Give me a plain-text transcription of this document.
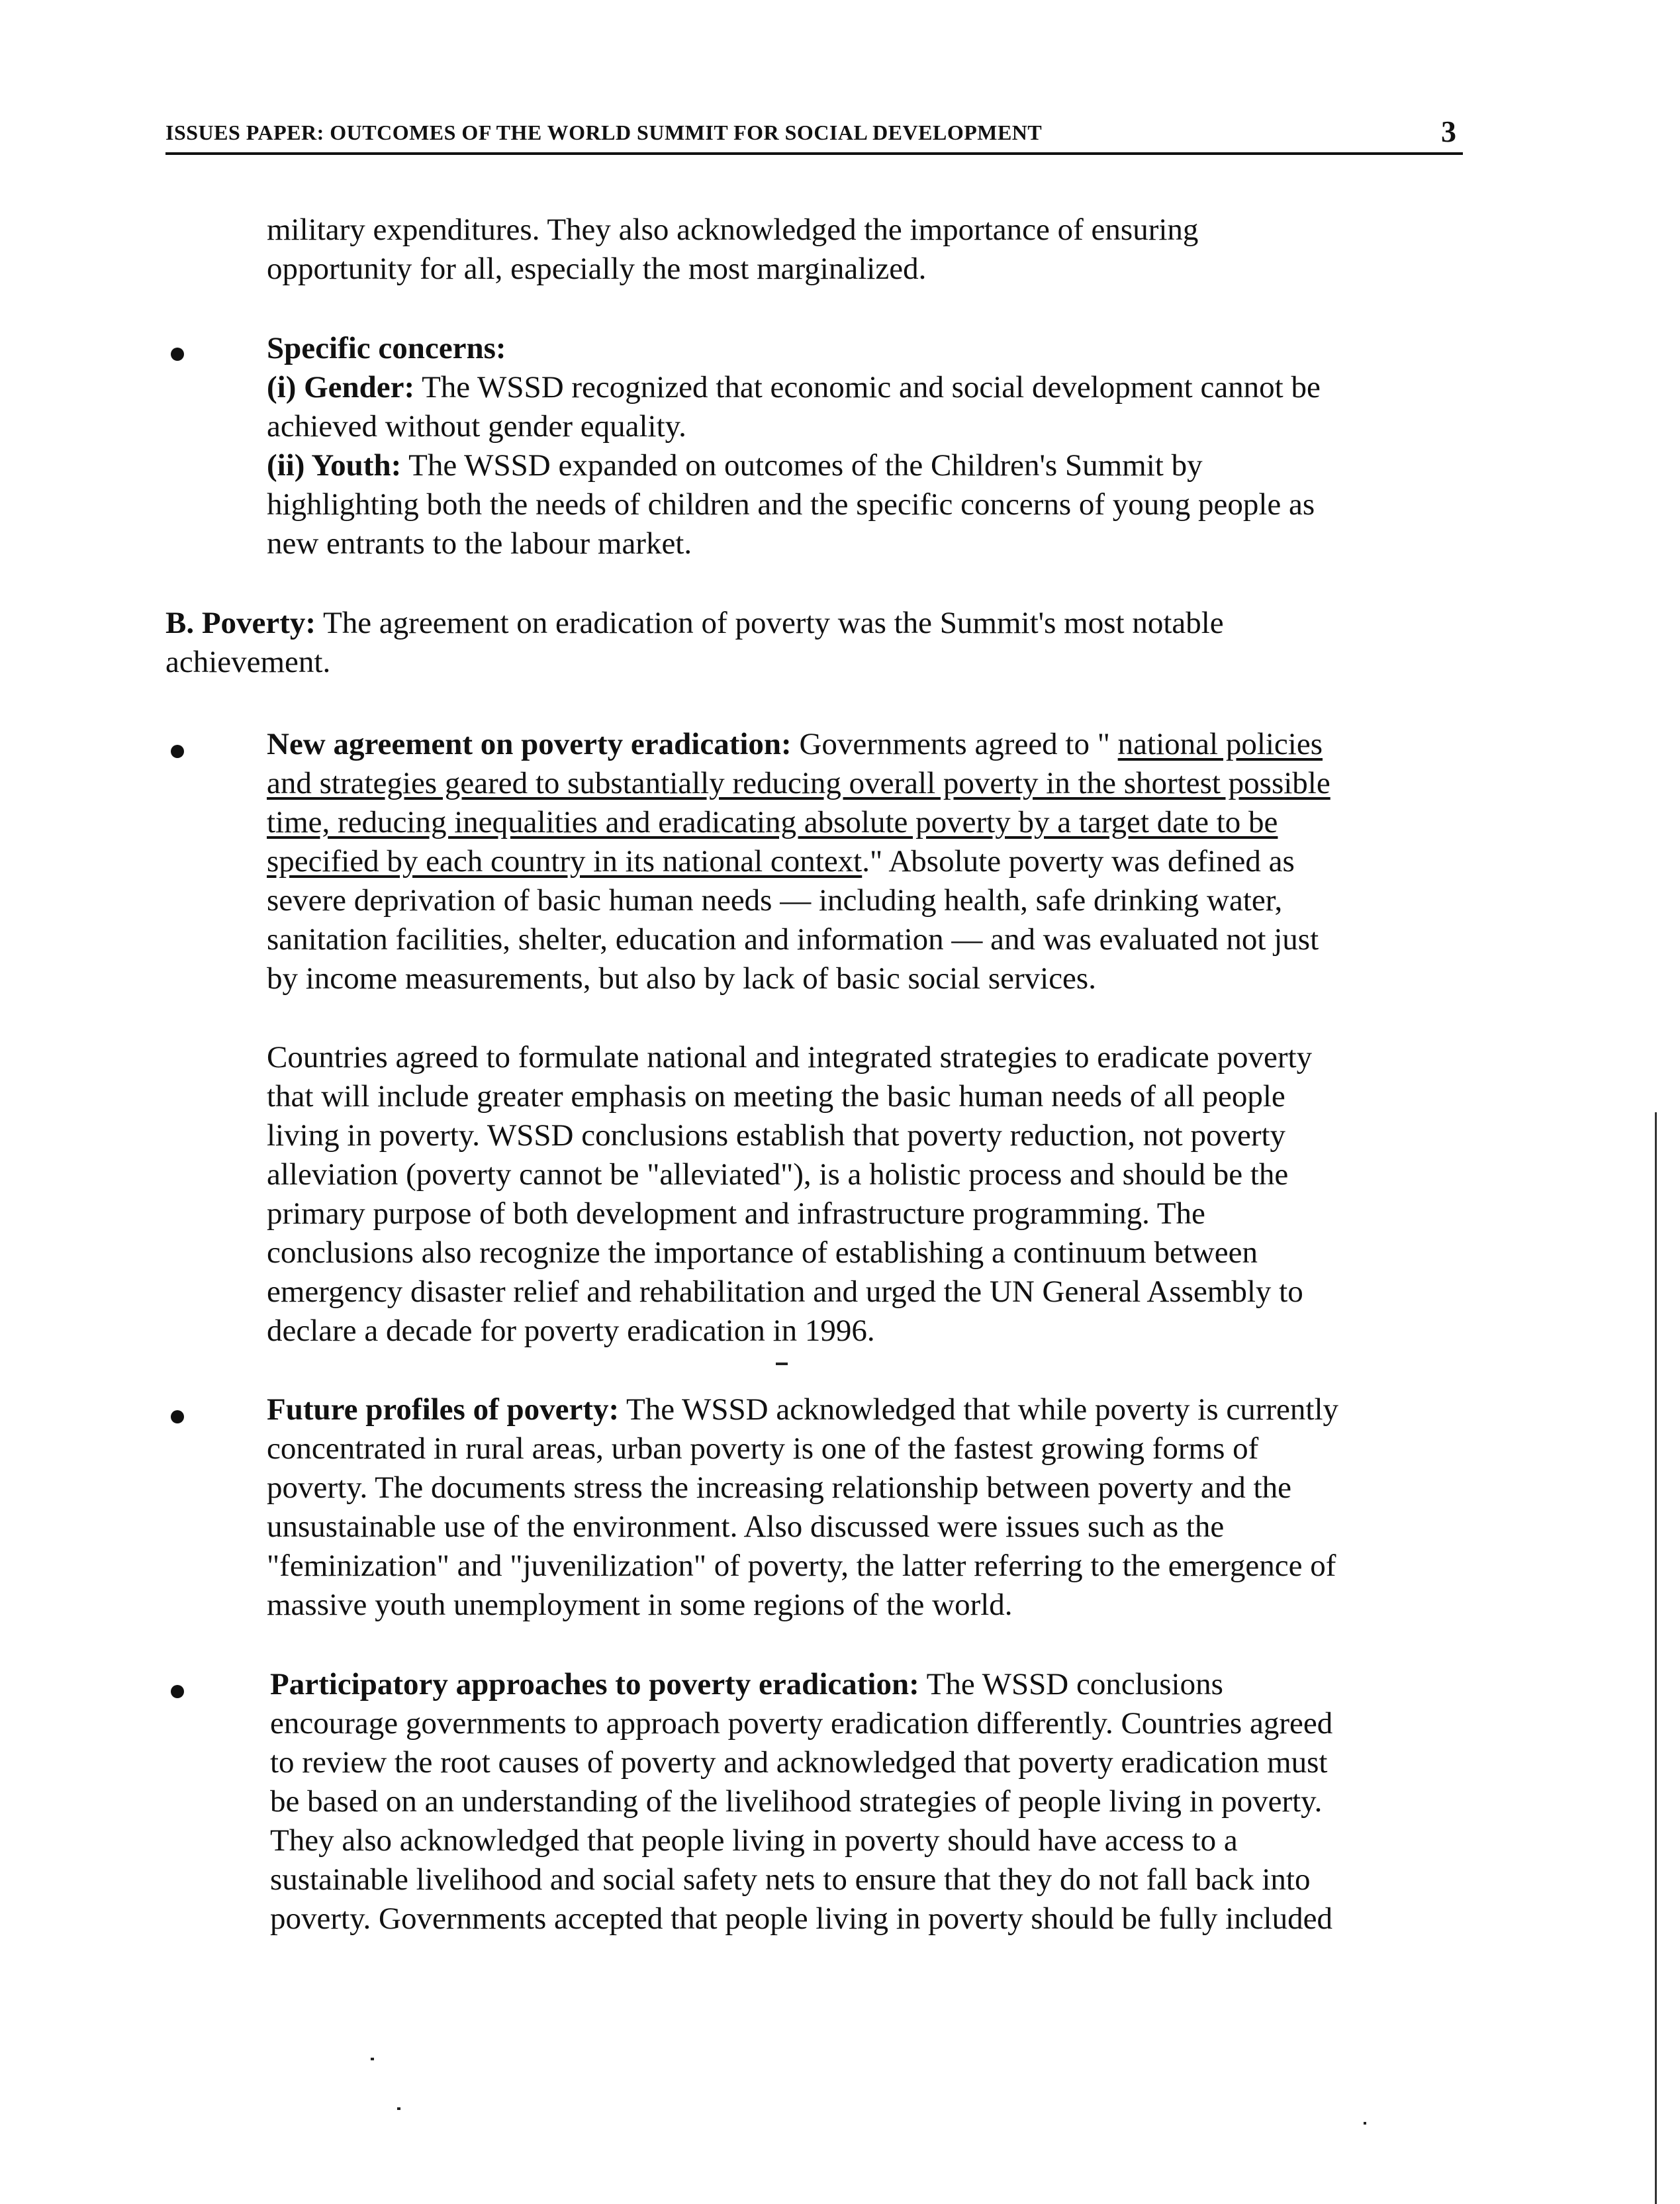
ISSUES PAPER: OUTCOMES OF THE WORLD SUMMIT FOR SOCIAL DEVELOPMENT	3
military expenditures. They also acknowledged the importance of ensuring
opportunity for all, especially the most marginalized.
Specific concerns:
(i) Gender: The WSSD recognized that economic and social development cannot be
achieved without gender equality.
(ii) Youth: The WSSD expanded on outcomes of the Children's Summit by
highlighting both the needs of children and the specific concerns of young people as
new entrants to the labour market.
B. Poverty: The agreement on eradication of poverty was the Summit's most notable
achievement.
New agreement on poverty eradication: Governments agreed to " national policies
and strategies geared to substantially reducing overall poverty in the shortest possible
time, reducing inequalities and eradicating absolute poverty by a target date to be
specified by each country in its national context." Absolute poverty was defined as
severe deprivation of basic human needs — including health, safe drinking water,
sanitation facilities, shelter, education and information — and was evaluated not just
by income measurements, but also by lack of basic social services.
Countries agreed to formulate national and integrated strategies to eradicate poverty
that will include greater emphasis on meeting the basic human needs of all people
living in poverty. WSSD conclusions establish that poverty reduction, not poverty
alleviation (poverty cannot be "alleviated"), is a holistic process and should be the
primary purpose of both development and infrastructure programming. The
conclusions also recognize the importance of establishing a continuum between
emergency disaster relief and rehabilitation and urged the UN General Assembly to
declare a decade for poverty eradication in 1996.
Future profiles of poverty: The WSSD acknowledged that while poverty is currently
concentrated in rural areas, urban poverty is one of the fastest growing forms of
poverty. The documents stress the increasing relationship between poverty and the
unsustainable use of the environment. Also discussed were issues such as the
"feminization" and "juvenilization" of poverty, the latter referring to the emergence of
massive youth unemployment in some regions of the world.
Participatory approaches to poverty eradication: The WSSD conclusions
encourage governments to approach poverty eradication differently. Countries agreed
to review the root causes of poverty and acknowledged that poverty eradication must
be based on an understanding of the livelihood strategies of people living in poverty.
They also acknowledged that people living in poverty should have access to a
sustainable livelihood and social safety nets to ensure that they do not fall back into
poverty. Governments accepted that people living in poverty should be fully included
